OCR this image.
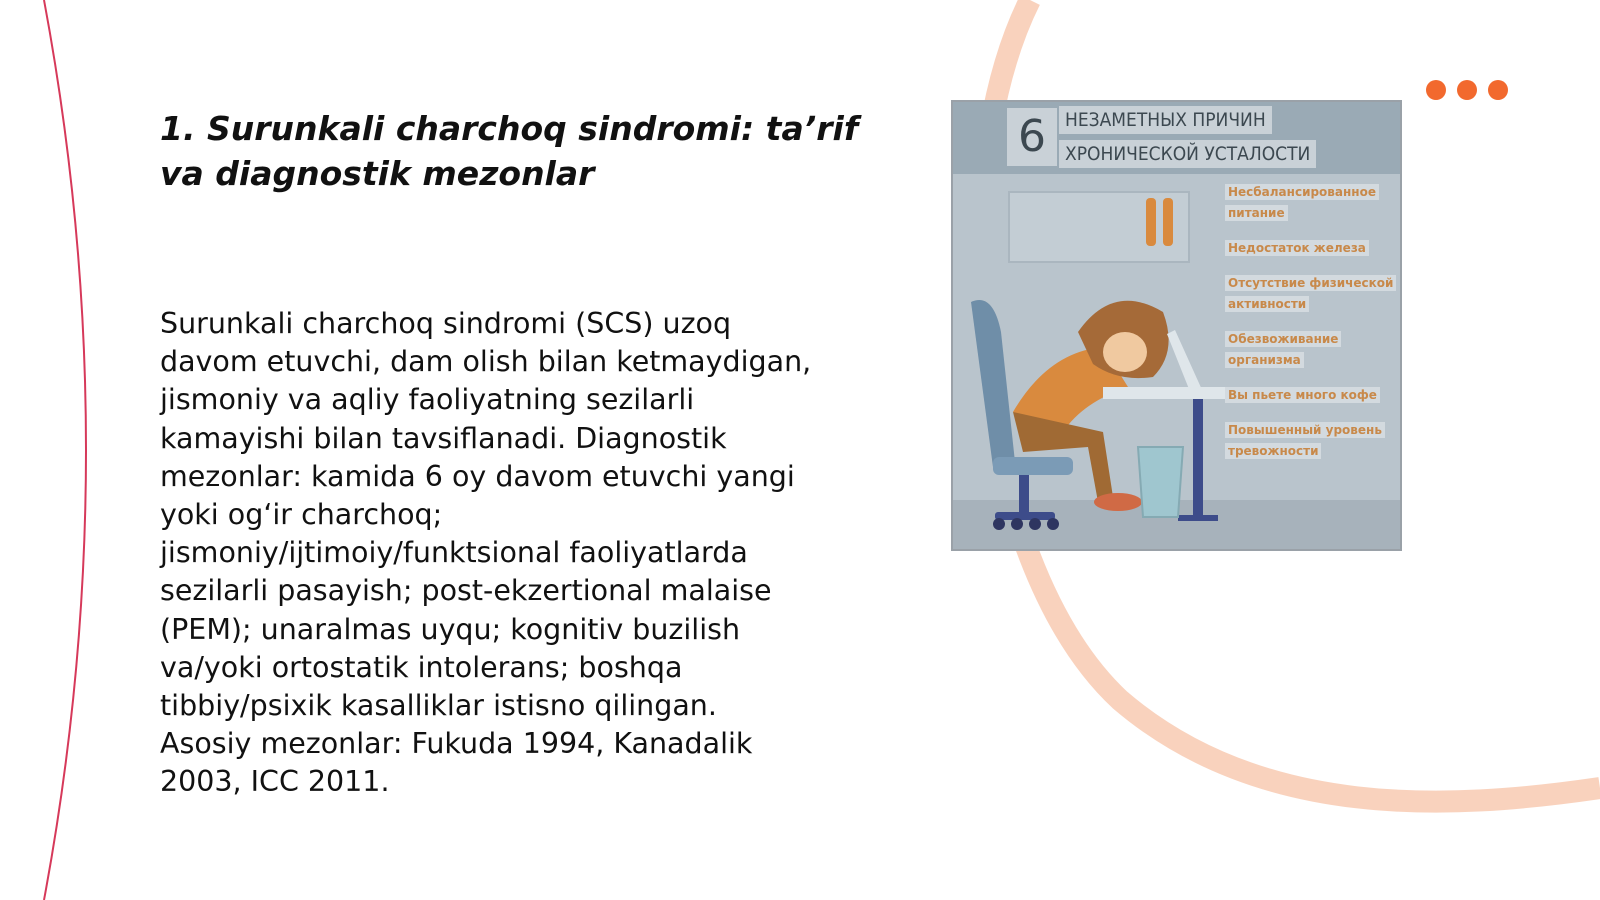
1. Surunkali charchoq sindromi: ta’rif va diagnostik mezonlar
Surunkali charchoq sindromi (SCS) uzoq
davom etuvchi, dam olish bilan ketmaydigan,
jismoniy va aqliy faoliyatning sezilarli
kamayishi bilan tavsiflanadi. Diagnostik
mezonlar: kamida 6 oy davom etuvchi yangi
yoki og‘ir charchoq;
jismoniy/ijtimoiy/funktsional faoliyatlarda
sezilarli pasayish; post-ekzertional malaise
(PEM); unaralmas uyqu; kognitiv buzilish
va/yoki ortostatik intolerans; boshqa
tibbiy/psixik kasalliklar istisno qilingan.
Asosiy mezonlar: Fukuda 1994, Kanadalik
2003, ICC 2011.
6	НЕЗАМЕТНЫХ ПРИЧИН
ХРОНИЧЕСКОЙ УСТАЛОСТИ
Несбалансированное питание
Недостаток железа
Отсутствие физической активности
Обезвоживание организма
Вы пьете много кофе
Повышенный уровень тревожности
